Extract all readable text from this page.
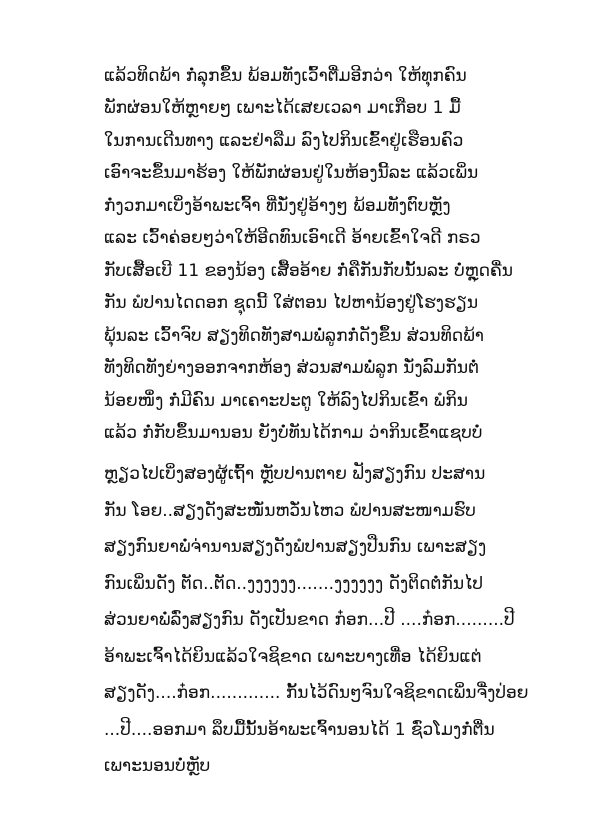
ແລ້ວທິດພ້າ ກໍ່ລຸກຂຶ້ນ ພ້ອມທັງເວົ້າຕື່ມອີກວ່າ ໃຫ້ທຸກຄົນ
ພັກຜ່ອນໃຫ້ຫຼາຍໆ ເພາະໄດ້ເສຍເວລາ ມາເກືອບ 1 ມື້
ໃນການເດີນທາງ ແລະຢ່າລືມ ລົງໄປກິນເຂົ້າຢູ່ເຮືອນຄົວ
ເອົາຈະຂຶ້ນມາຮ້ອງ ໃຫ້ພັກຜ່ອນຢູ່ໃນຫ້ອງນີ້ລະ ແລ້ວເພິ່ນ
ກໍ່ງວກມາເບິ່ງອ້າພະເຈົ້າ ທີ່ນັ່ງຢູ່ອ້າງໆ ພ້ອມທັງຕົບຫຼັງ
ແລະ ເວົ້າຄ່ອຍໆວ່າໃຫ້ອີດທົນເອົາເດີ ອ້າຍເຂົ້າໃຈດີ ກຣວ
ກັບເສື້ອເບີ 11 ຂອງນ້ອງ ເສື້ອອ້າຍ ກໍ່ຄືກັນກັບນັ້ນລະ ບໍ່ຫຼຸດຄື່ນ
ກັນ ພໍປານໄດດອກ ຊຸດນີ້ ໃສ່ຕອນ ໄປຫານ້ອງຢູ່ໂຮງຮຽນ
ພຸ້ນລະ ເວົ້າຈົບ ສຽງທິດທັງສາມພໍ່ລູກກໍ່ດັງຂຶ້ນ ສ່ວນທິດພ້າ
ທັງທິດທັງຍ່າງອອກຈາກຫ້ອງ ສ່ວນສາມພໍ່ລູກ ນັ່ງລົມກັນຕໍ່
ນ້ອຍໜຶ່ງ ກໍ່ມີຄົນ ມາເຄາະປະຕູ ໃຫ້ລົງໄປກິນເຂົ້າ ພໍກິນ
ແລ້ວ ກໍ່ກັບຂຶ້ນມານອນ ຍັງບໍ່ທັນໄດ້ກາມ ວ່າກິນເຂົ້າແຊບບໍ່
ຫຼຽວໄປເບິ່ງສອງຜູ້ເຖົ້າ ຫຼັບປານຕາຍ ຟັງສຽງກົນ ປະສານ
ກັນ ໂອຍ..ສຽງດັງສະໜັ່ນຫວັ່ນໄຫວ ພໍປານສະໜາມຮົບ
ສຽງກົນຍາພໍ່ຈ່ານານສຽງດັງພໍປານສຽງປືນກົນ ເພາະສຽງ
ກົນເພິ່ນດັງ ຕັດ..ຕັດ..ງງງງງງ.......ງງງງງງ ດັງຕິດຕໍ່ກັນໄປ
ສ່ວນຍາພໍ່ລົ່ງສຽງກົນ ດັງເປັນຂາດ ກ໋ອກ...ປີ ....ກ໋ອກ.........ປີ
ອ້າພະເຈົ້າໄດ້ຍິນແລ້ວໃຈຊິຂາດ ເພາະບາງເທື່ອ ໄດ້ຍິນແຕ່
ສຽງດັງ....ກ໋ອກ............. ກັ້ນໄວ້ດົນໆຈົນໃຈຊິຂາດເພິ່ນຈື່ງປ່ອຍ
...ປີ....ອອກມາ ລຶບມື້ນັ້ນອ້າພະເຈົ້ານອນໄດ້ 1 ຊົ່ວໂມງກໍ່ຕື່ນ
ເພາະນອນບໍ່ຫຼັບ
